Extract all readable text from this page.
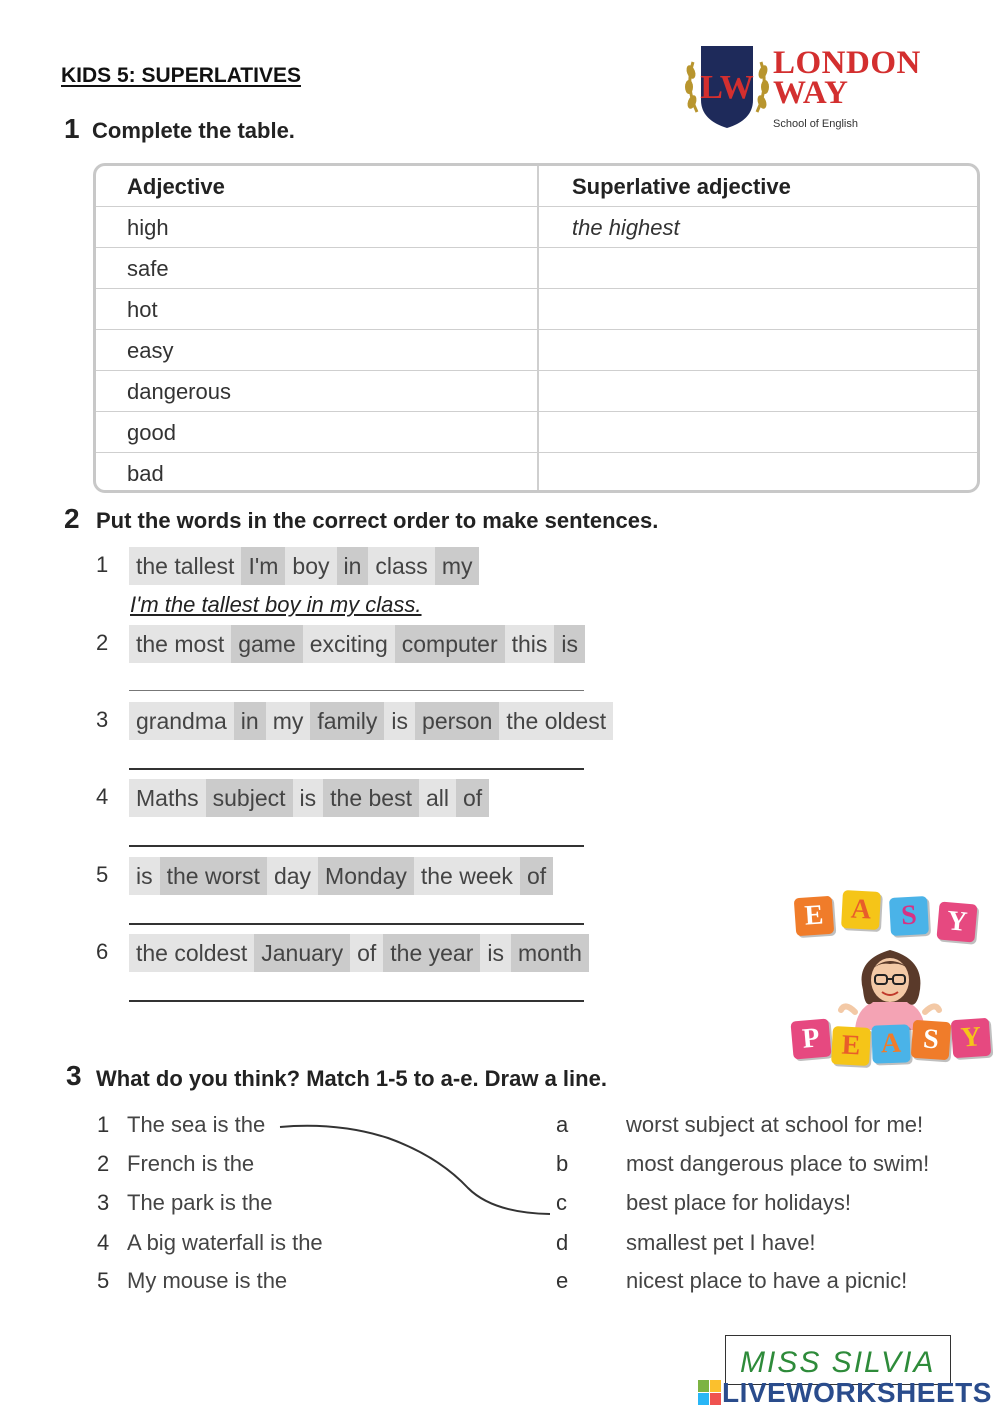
KIDS 5: SUPERLATIVES	LW
LONDON
WAY
School of English
1 Complete the table.
Adjective	Superlative adjective
high	the highest
safe
hot
easy
dangerous
good
bad
2 Put the words in the correct order to make sentences.
1	the tallest I'm boy in class my
I'm the tallest boy in my class.
2	the most game exciting computer this is
3	grandma in my family is person the oldest
4	Maths subject is the best all of
5	is the worst day Monday the week of
6	the coldest January of the year is month
E A	S	Y
P E A S Y
3 What do you think? Match 1-5 to a-e. Draw a line.
1 The sea is the
2 French is the
3 The park is the
4 A big waterfall is the
5 My mouse is the
a	worst subject at school for me!
b	most dangerous place to swim!
c	best place for holidays!
d	smallest pet I have!
e	nicest place to have a picnic!
MISS SILVIA
LIVEWORKSHEETS
